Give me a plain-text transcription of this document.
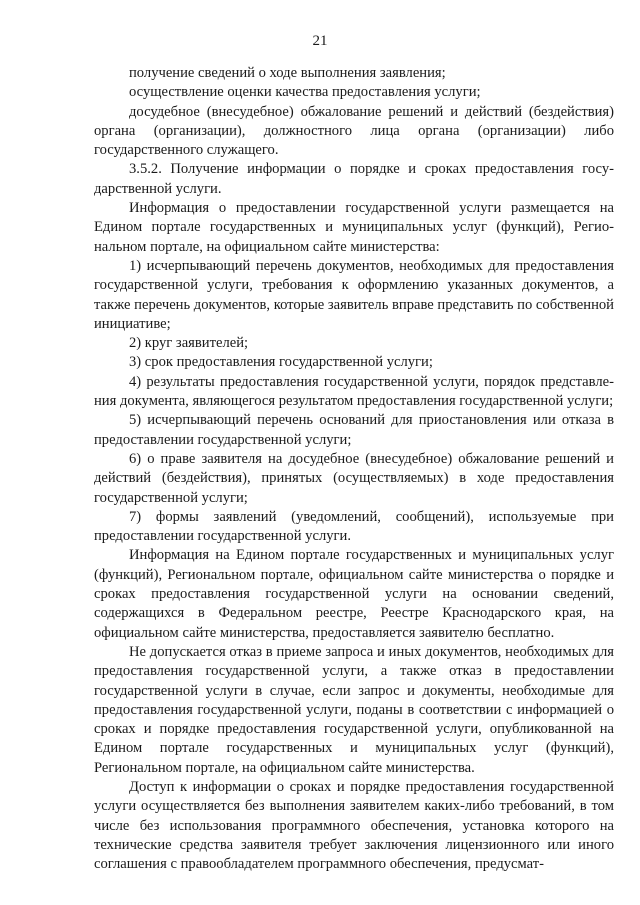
21

получение сведений о ходе выполнения заявления;

осуществление оценки качества предоставления услуги;

досудебное (внесудебное) обжалование решений и действий (бездействия) органа (организации), должностного лица органа (организации) либо государственного служащего.

3.5.2. Получение информации о порядке и сроках предоставления государственной услуги.

Информация о предоставлении государственной услуги размещается на Едином портале государственных и муниципальных услуг (функций), Региональном портале, на официальном сайте министерства:

1) исчерпывающий перечень документов, необходимых для предоставления государственной услуги, требования к оформлению указанных документов, а также перечень документов, которые заявитель вправе представить по собственной инициативе;

2) круг заявителей;

3) срок предоставления государственной услуги;

4) результаты предоставления государственной услуги, порядок представления документа, являющегося результатом предоставления государственной услуги;

5) исчерпывающий перечень оснований для приостановления или отказа в предоставлении государственной услуги;

6) о праве заявителя на досудебное (внесудебное) обжалование решений и действий (бездействия), принятых (осуществляемых) в ходе предоставления государственной услуги;

7) формы заявлений (уведомлений, сообщений), используемые при предоставлении государственной услуги.

Информация на Едином портале государственных и муниципальных услуг (функций), Региональном портале, официальном сайте министерства о порядке и сроках предоставления государственной услуги на основании сведений, содержащихся в Федеральном реестре, Реестре Краснодарского края, на официальном сайте министерства, предоставляется заявителю бесплатно.

Не допускается отказ в приеме запроса и иных документов, необходимых для предоставления государственной услуги, а также отказ в предоставлении государственной услуги в случае, если запрос и документы, необходимые для предоставления государственной услуги, поданы в соответствии с информацией о сроках и порядке предоставления государственной услуги, опубликованной на Едином портале государственных и муниципальных услуг (функций), Региональном портале, на официальном сайте министерства.

Доступ к информации о сроках и порядке предоставления государственной услуги осуществляется без выполнения заявителем каких-либо требований, в том числе без использования программного обеспечения, установка которого на технические средства заявителя требует заключения лицензионного или иного соглашения с правообладателем программного обеспечения, предусмат-
